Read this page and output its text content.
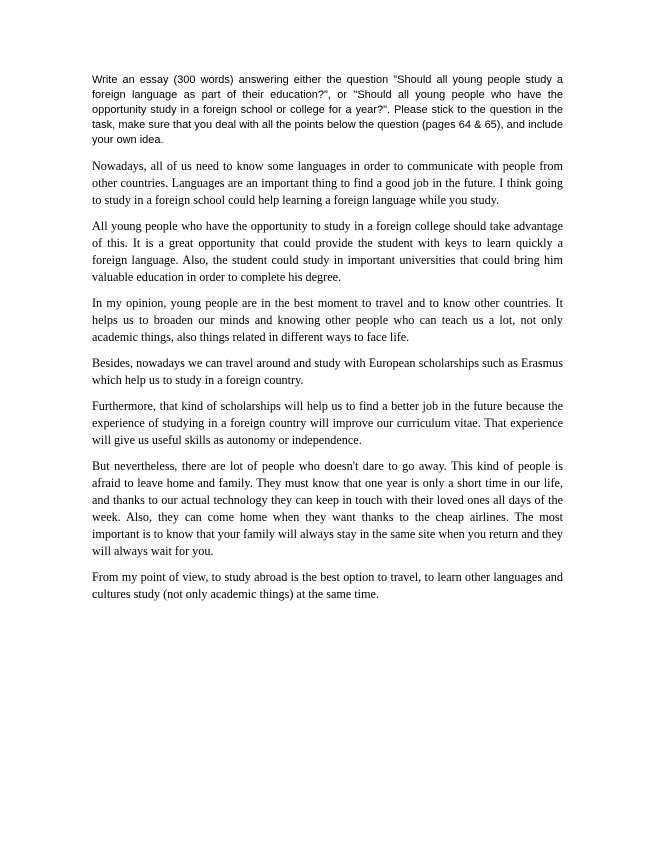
Write an essay (300 words) answering either the question "Should all young people study a foreign language as part of their education?", or "Should all young people who have the opportunity study in a foreign school or college for a year?". Please stick to the question in the task, make sure that you deal with all the points below the question (pages 64 & 65), and include your own idea.

Nowadays, all of us need to know some languages in order to communicate with people from other countries. Languages are an important thing to find a good job in the future. I think going to study in a foreign school could help learning a foreign language while you study.

All young people who have the opportunity to study in a foreign college should take advantage of this. It is a great opportunity that could provide the student with keys to learn quickly a foreign language. Also, the student could study in important universities that could bring him valuable education in order to complete his degree.

In my opinion, young people are in the best moment to travel and to know other countries. It helps us to broaden our minds and knowing other people who can teach us a lot, not only academic things, also things related in different ways to face life.

Besides, nowadays we can travel around and study with European scholarships such as Erasmus which help us to study in a foreign country.

Furthermore, that kind of scholarships will help us to find a better job in the future because the experience of studying in a foreign country will improve our curriculum vitae. That experience will give us useful skills as autonomy or independence.

But nevertheless, there are lot of people who doesn't dare to go away. This kind of people is afraid to leave home and family. They must know that one year is only a short time in our life, and thanks to our actual technology they can keep in touch with their loved ones all days of the week. Also, they can come home when they want thanks to the cheap airlines. The most important is to know that your family will always stay in the same site when you return and they will always wait for you.

From my point of view, to study abroad is the best option to travel, to learn other languages and cultures study (not only academic things) at the same time.
